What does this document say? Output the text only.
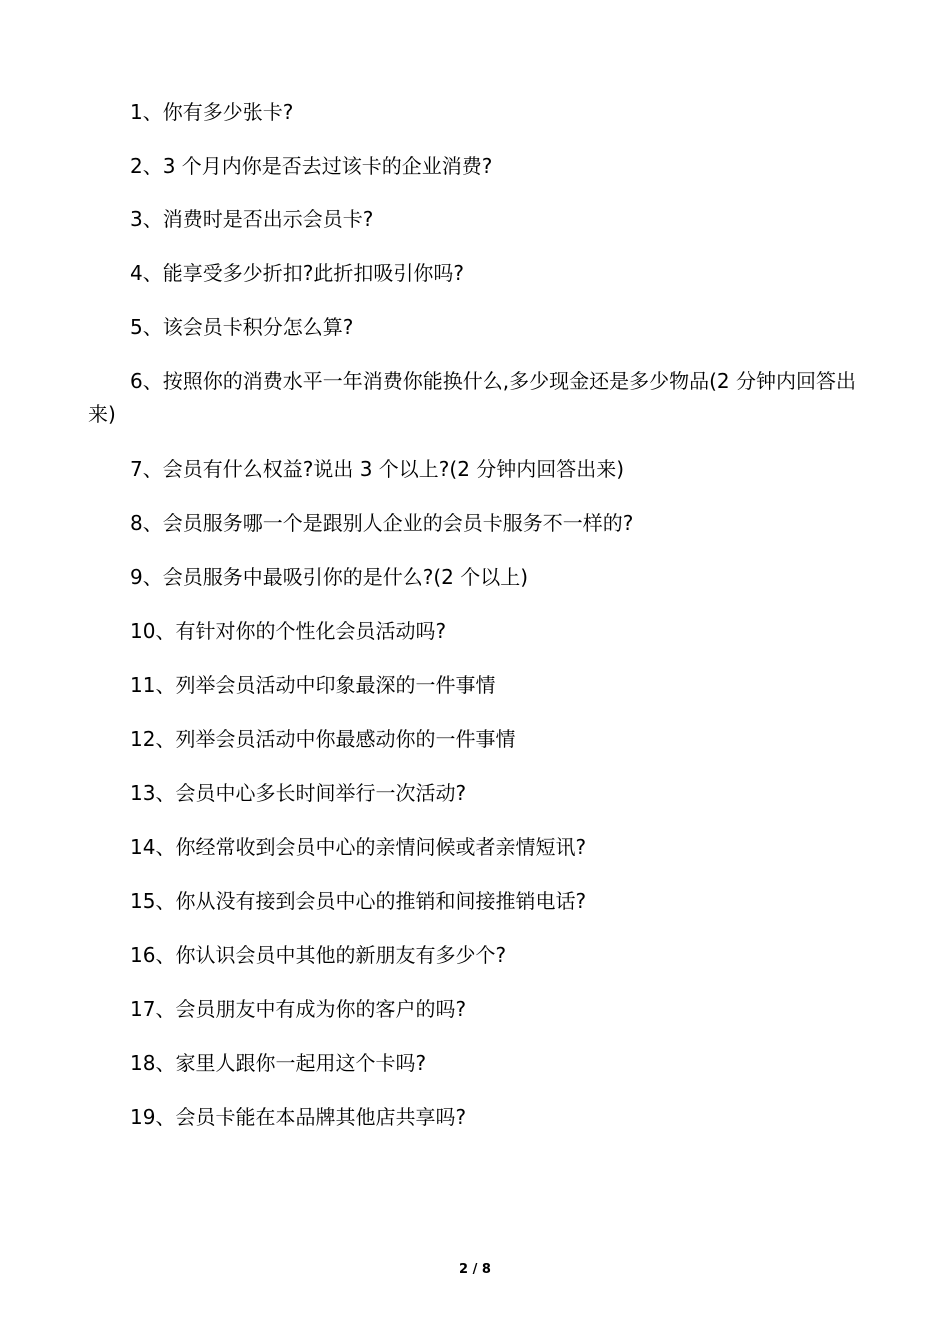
1、你有多少张卡?

2、3 个月内你是否去过该卡的企业消费?

3、消费时是否出示会员卡?

4、能享受多少折扣?此折扣吸引你吗?

5、该会员卡积分怎么算?

6、按照你的消费水平一年消费你能换什么,多少现金还是多少物品(2 分钟内回答出来)

7、会员有什么权益?说出 3 个以上?(2 分钟内回答出来)

8、会员服务哪一个是跟别人企业的会员卡服务不一样的?

9、会员服务中最吸引你的是什么?(2 个以上)

10、有针对你的个性化会员活动吗?

11、列举会员活动中印象最深的一件事情

12、列举会员活动中你最感动你的一件事情

13、会员中心多长时间举行一次活动?

14、你经常收到会员中心的亲情问候或者亲情短讯?

15、你从没有接到会员中心的推销和间接推销电话?

16、你认识会员中其他的新朋友有多少个?

17、会员朋友中有成为你的客户的吗?

18、家里人跟你一起用这个卡吗?

19、会员卡能在本品牌其他店共享吗?

2 / 8
